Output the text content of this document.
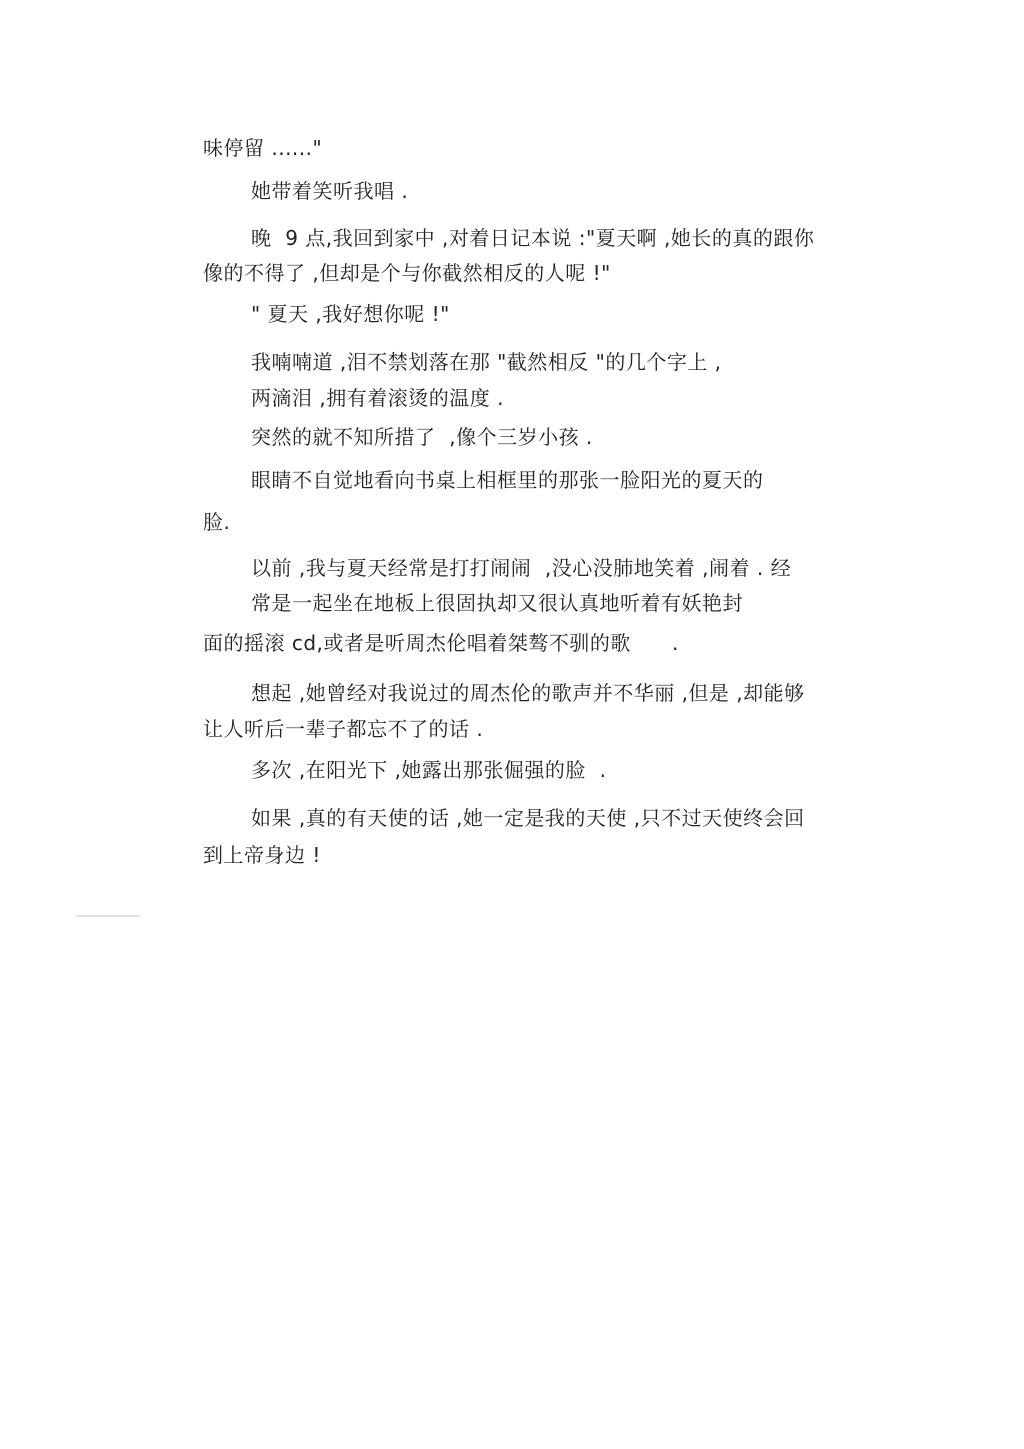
味停留 ......"
她带着笑听我唱 .
晚  9 点,我回到家中 ,对着日记本说 :"夏天啊 ,她长的真的跟你
像的不得了 ,但却是个与你截然相反的人呢 !"
" 夏天 ,我好想你呢 !"
我喃喃道 ,泪不禁划落在那 "截然相反 "的几个字上 ,
两滴泪 ,拥有着滚烫的温度 .
突然的就不知所措了  ,像个三岁小孩 .
眼睛不自觉地看向书桌上相框里的那张一脸阳光的夏天的
脸.
以前 ,我与夏天经常是打打闹闹  ,没心没肺地笑着 ,闹着 . 经
常是一起坐在地板上很固执却又很认真地听着有妖艳封
面的摇滚 cd,或者是听周杰伦唱着桀骜不驯的歌      .
想起 ,她曾经对我说过的周杰伦的歌声并不华丽 ,但是 ,却能够
让人听后一辈子都忘不了的话 .
多次 ,在阳光下 ,她露出那张倔强的脸  .
如果 ,真的有天使的话 ,她一定是我的天使 ,只不过天使终会回
到上帝身边 !
